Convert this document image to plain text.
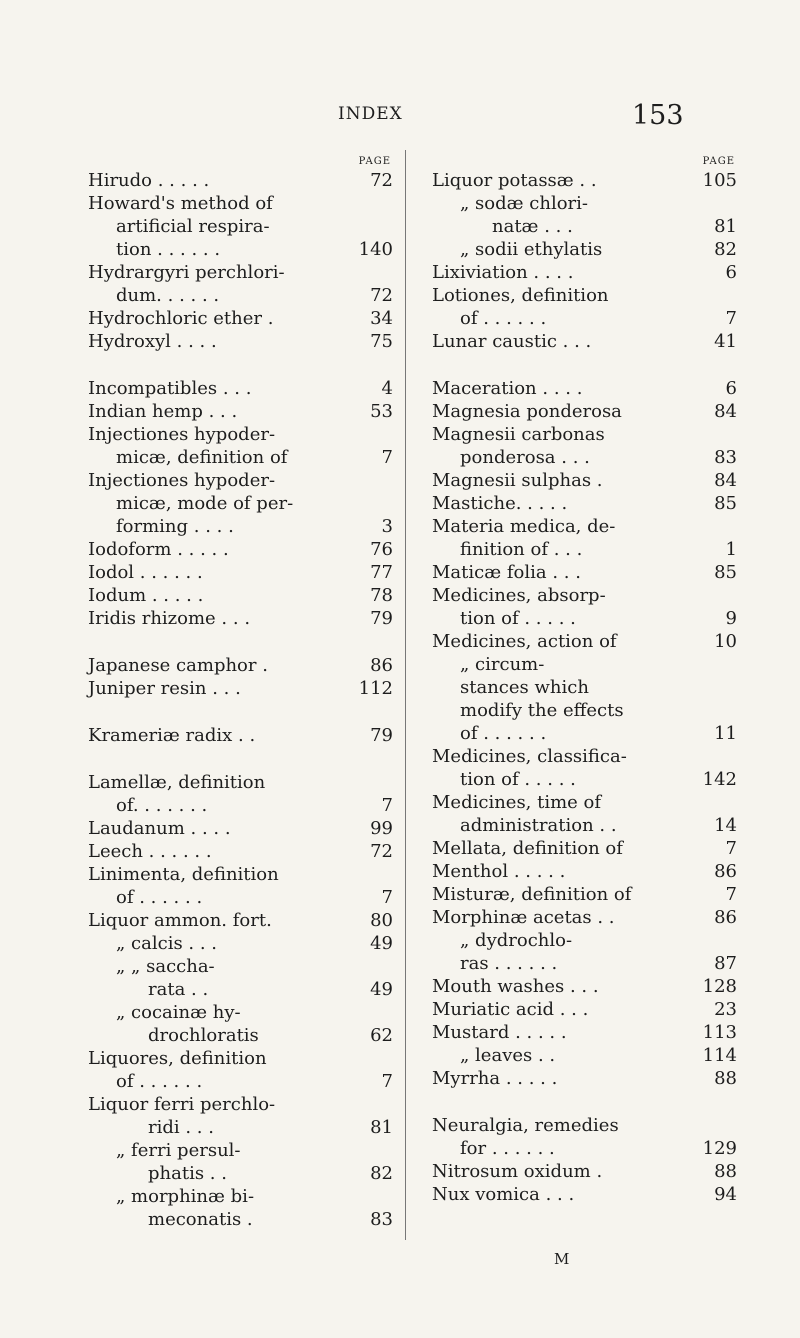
INDEX	153
PAGE
Hirudo . . . . .	72
Howard's method of
artificial respira-
tion . . . . . .	140
Hydrargyri perchlori-
dum. . . . . .	72
Hydrochloric ether .	34
Hydroxyl . . . .	75
Incompatibles . . .	4
Indian hemp . . .	53
Injectiones hypoder-
micæ, definition of	7
Injectiones hypoder-
micæ, mode of per-
forming . . . .	3
Iodoform . . . . .	76
Iodol . . . . . .	77
Iodum . . . . .	78
Iridis rhizome . . .	79
Japanese camphor .	86
Juniper resin . . .	112
Krameriæ radix . .	79
Lamellæ, definition
of. . . . . . .	7
Laudanum . . . .	99
Leech . . . . . .	72
Linimenta, definition
of . . . . . .	7
Liquor ammon. fort.	80
„ calcis . . .	49
„ „ saccha-
rata . .	49
„ cocainæ hy-
drochloratis	62
Liquores, definition
of . . . . . .	7
Liquor ferri perchlo-
ridi . . .	81
„ ferri persul-
phatis . .	82
„ morphinæ bi-
meconatis .	83
PAGE
Liquor potassæ . .	105
„ sodæ chlori-
natæ . . .	81
„ sodii ethylatis	82
Lixiviation . . . .	6
Lotiones, definition
of . . . . . .	7
Lunar caustic . . .	41
Maceration . . . .	6
Magnesia ponderosa	84
Magnesii carbonas
ponderosa . . .	83
Magnesii sulphas .	84
Mastiche. . . . .	85
Materia medica, de-
finition of . . .	1
Maticæ folia . . .	85
Medicines, absorp-
tion of . . . . .	9
Medicines, action of	10
„ circum-
stances which
modify the effects
of . . . . . .	11
Medicines, classifica-
tion of . . . . .	142
Medicines, time of
administration . .	14
Mellata, definition of	7
Menthol . . . . .	86
Misturæ, definition of	7
Morphinæ acetas . .	86
„ dydrochlo-
ras . . . . . .	87
Mouth washes . . .	128
Muriatic acid . . .	23
Mustard . . . . .	113
„ leaves . .	114
Myrrha . . . . .	88
Neuralgia, remedies
for . . . . . .	129
Nitrosum oxidum .	88
Nux vomica . . .	94
M
